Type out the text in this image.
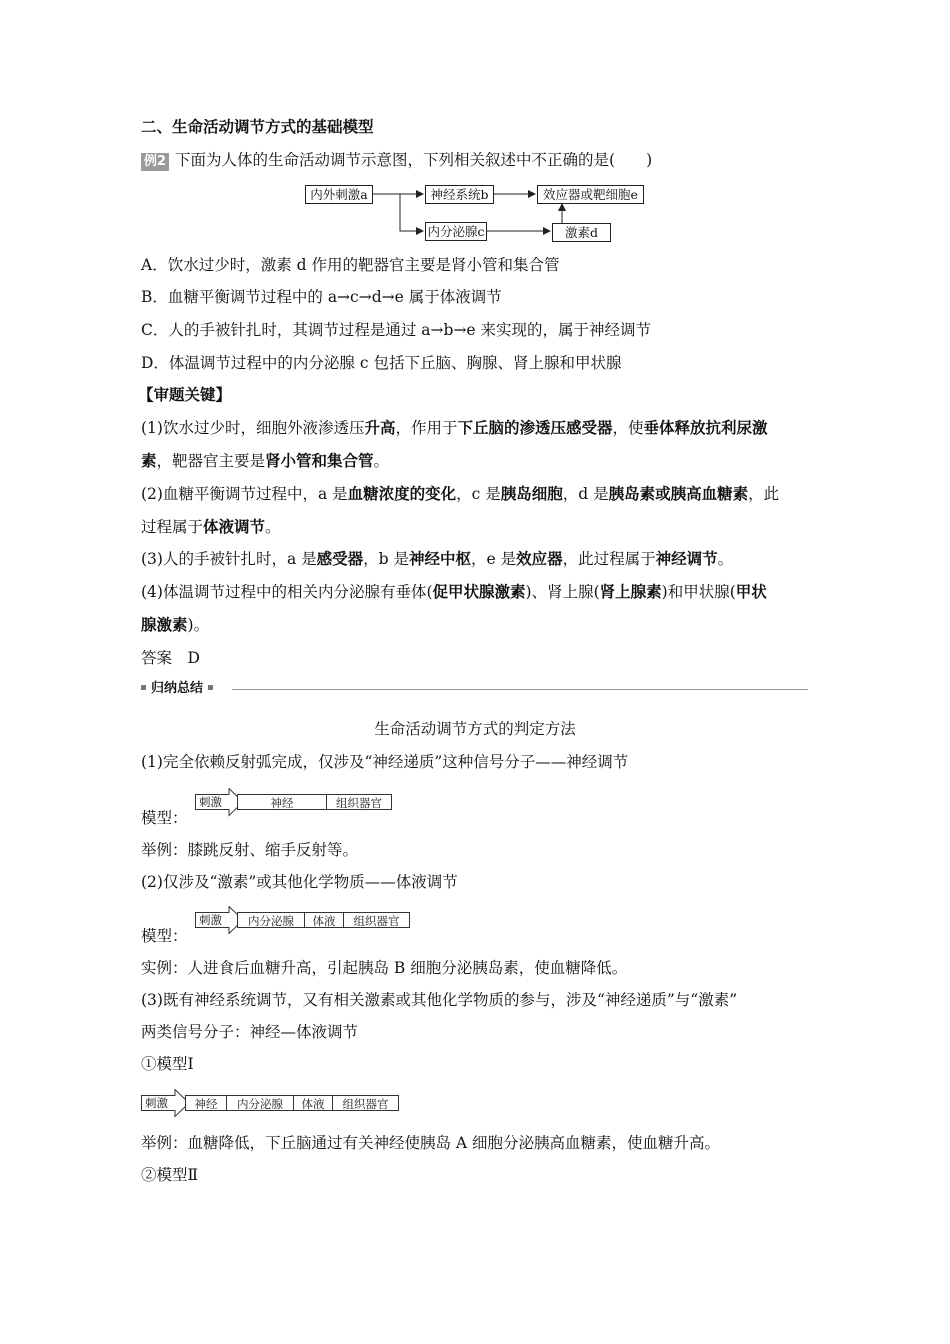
二、生命活动调节方式的基础模型
例2 下面为人体的生命活动调节示意图，下列相关叙述中不正确的是(　　)
内外刺激a	神经系统b	效应器或靶细胞e
内分泌腺c	激素d
A．饮水过少时，激素 d 作用的靶器官主要是肾小管和集合管
B．血糖平衡调节过程中的 a→c→d→e 属于体液调节
C．人的手被针扎时，其调节过程是通过 a→b→e 来实现的，属于神经调节
D．体温调节过程中的内分泌腺 c 包括下丘脑、胸腺、肾上腺和甲状腺
【审题关键】
(1)饮水过少时，细胞外液渗透压升高，作用于下丘脑的渗透压感受器，使垂体释放抗利尿激
素，靶器官主要是肾小管和集合管。
(2)血糖平衡调节过程中，a 是血糖浓度的变化，c 是胰岛细胞，d 是胰岛素或胰高血糖素，此
过程属于体液调节。
(3)人的手被针扎时，a 是感受器，b 是神经中枢，e 是效应器，此过程属于神经调节。
(4)体温调节过程中的相关内分泌腺有垂体(促甲状腺激素)、肾上腺(肾上腺素)和甲状腺(甲状
腺激素)。
答案　D
归纳总结
生命活动调节方式的判定方法
(1)完全依赖反射弧完成，仅涉及“神经递质”这种信号分子——神经调节
模型：
刺激	神经	组织器官
举例：膝跳反射、缩手反射等。
(2)仅涉及“激素”或其他化学物质——体液调节
模型：
刺激	内分泌腺	体液	组织器官
实例：人进食后血糖升高，引起胰岛 B 细胞分泌胰岛素，使血糖降低。
(3)既有神经系统调节，又有相关激素或其他化学物质的参与，涉及“神经递质”与“激素”
两类信号分子：神经—体液调节
①模型Ⅰ
刺激	神经	内分泌腺	体液	组织器官
举例：血糖降低，下丘脑通过有关神经使胰岛 A 细胞分泌胰高血糖素，使血糖升高。
②模型Ⅱ
